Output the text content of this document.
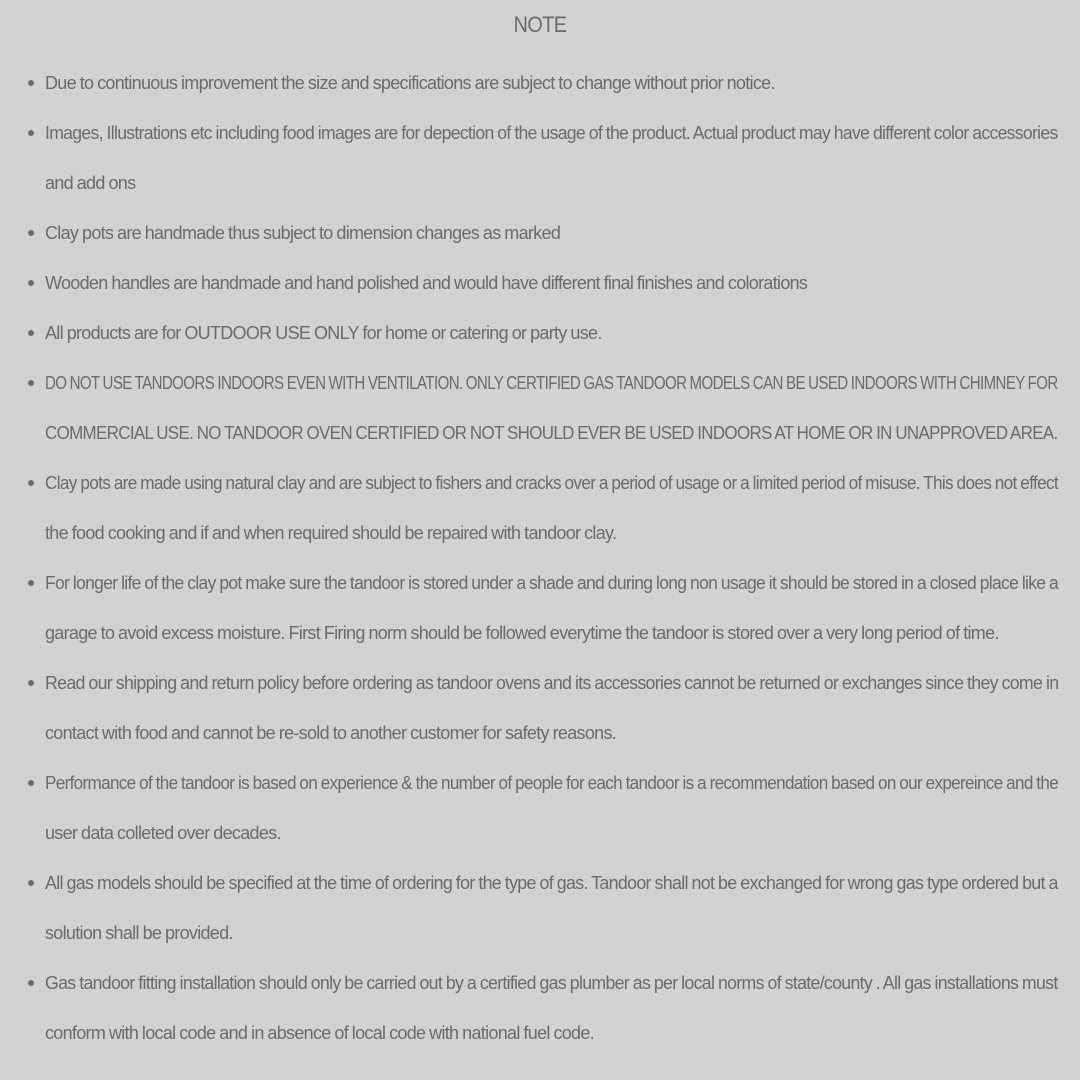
NOTE
Due to continuous improvement the size and specifications are subject to change without prior notice.
Images, Illustrations etc including food images are for depection of the usage of the product. Actual product may have different color accessories
and add ons
Clay pots are handmade thus subject to dimension changes as marked
Wooden handles are handmade and hand polished and would have different final finishes and colorations
All products are for OUTDOOR USE ONLY for home or catering or party use.
DO NOT USE TANDOORS INDOORS EVEN WITH VENTILATION. ONLY CERTIFIED GAS TANDOOR MODELS CAN BE USED INDOORS WITH CHIMNEY FOR
COMMERCIAL USE. NO TANDOOR OVEN CERTIFIED OR NOT SHOULD EVER BE USED INDOORS AT HOME OR IN UNAPPROVED AREA.
Clay pots are made using natural clay and are subject to fishers and cracks over a period of usage or a limited period of misuse. This does not effect
the food cooking and if and when required should be repaired with tandoor clay.
For longer life of the clay pot make sure the tandoor is stored under a shade and during long non usage it should be stored in a closed place like a
garage to avoid excess moisture. First Firing norm should be followed everytime the tandoor is stored over a very long period of time.
Read our shipping and return policy before ordering as tandoor ovens and its accessories cannot be returned or exchanges since they come in
contact with food and cannot be re-sold to another customer for safety reasons.
Performance of the tandoor is based on experience & the number of people for each tandoor is a recommendation based on our expereince and the
user data colleted over decades.
All gas models should be specified at the time of ordering for the type of gas. Tandoor shall not be exchanged for wrong gas type ordered but a
solution shall be provided.
Gas tandoor fitting installation should only be carried out by a certified gas plumber as per local norms of state/county . All gas installations must
conform with local code and in absence of local code with national fuel code.
